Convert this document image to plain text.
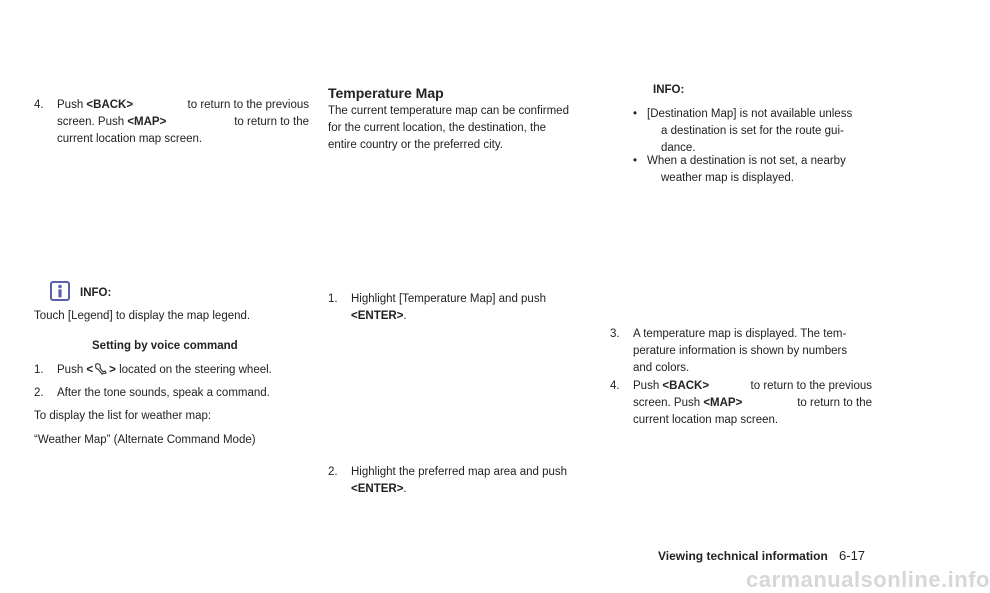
4. Push <BACK>	to return to the previous
screen. Push <MAP>	to return to the
current location map screen.
INFO:
Touch [Legend] to display the map legend.
Setting by voice command
1. Push < > located on the steering wheel.
2. After the tone sounds, speak a command.
To display the list for weather map:
“Weather Map” (Alternate Command Mode)
Temperature Map
The current temperature map can be confirmed
for the current location, the destination, the
entire country or the preferred city.
1. Highlight [Temperature Map] and push
<ENTER>.
2. Highlight the preferred map area and push
<ENTER>.
INFO:
• [Destination Map] is not available unless
a destination is set for the route gui-
dance.
• When a destination is not set, a nearby
weather map is displayed.
3. A temperature map is displayed. The tem-
perature information is shown by numbers
and colors.
4. Push <BACK>	to return to the previous
screen. Push <MAP>	to return to the
current location map screen.
Viewing technical information 6-17
carmanualsonline.info
